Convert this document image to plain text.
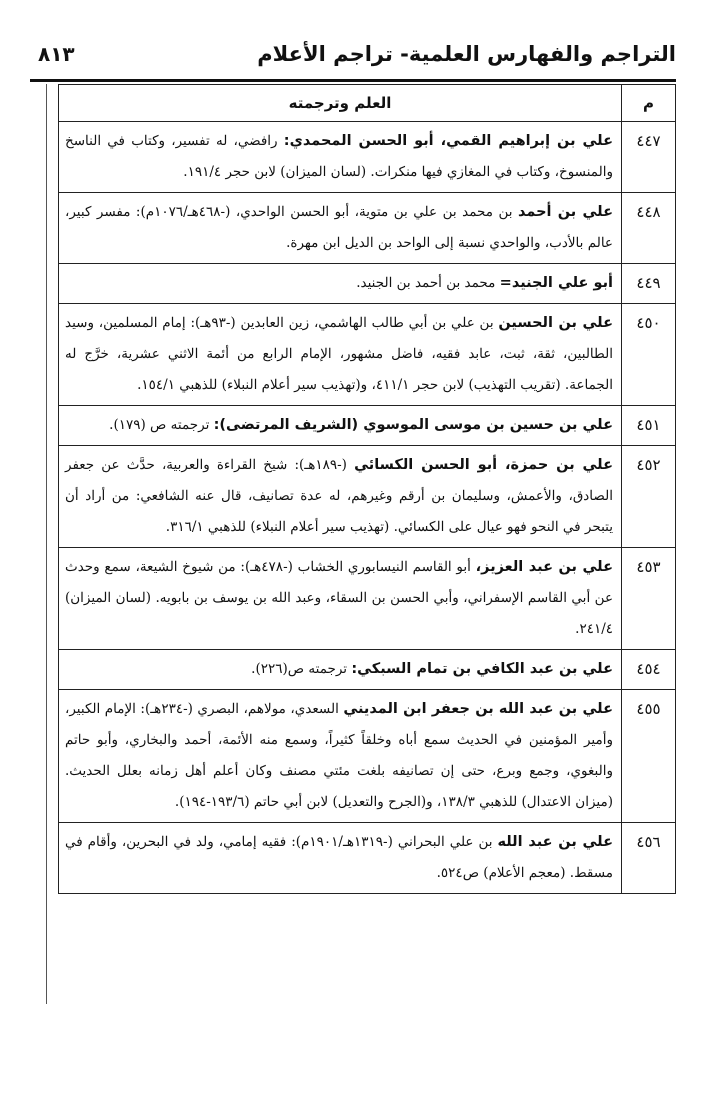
التراجم والفهارس العلمية- تراجم الأعلام
٨١٣
م	العلم وترجمته
٤٤٧	علي بن إبراهيم القمي، أبو الحسن المحمدي: رافضي، له تفسير، وكتاب في الناسخ والمنسوخ، وكتاب في المغازي فيها منكرات. (لسان الميزان) لابن حجر ١٩١/٤.
٤٤٨	علي بن أحمد بن محمد بن علي بن متوية، أبو الحسن الواحدي، (-٤٦٨هـ/١٠٧٦م): مفسر كبير، عالم بالأدب، والواحدي نسبة إلى الواحد بن الديل ابن مهرة.
٤٤٩	أبو علي الجنيد= محمد بن أحمد بن الجنيد.
٤٥٠	علي بن الحسين بن علي بن أبي طالب الهاشمي، زين العابدين (-٩٣هـ): إمام المسلمين، وسيد الطالبين، ثقة، ثبت، عابد فقيه، فاضل مشهور، الإمام الرابع من أئمة الاثني عشرية، خرَّج له الجماعة. (تقريب التهذيب) لابن حجر ٤١١/١، و(تهذيب سير أعلام النبلاء) للذهبي ١٥٤/١.
٤٥١	علي بن حسين بن موسى الموسوي (الشريف المرتضى): ترجمته ص (١٧٩).
٤٥٢	علي بن حمزة، أبو الحسن الكسائي (-١٨٩هـ): شيخ القراءة والعربية، حدَّث عن جعفر الصادق، والأعمش، وسليمان بن أرقم وغيرهم، له عدة تصانيف، قال عنه الشافعي: من أراد أن يتبحر في النحو فهو عيال على الكسائي. (تهذيب سير أعلام النبلاء) للذهبي ٣١٦/١.
٤٥٣	علي بن عبد العزيز، أبو القاسم النيسابوري الخشاب (-٤٧٨هـ): من شيوخ الشيعة، سمع وحدث عن أبي القاسم الإسفراني، وأبي الحسن بن السقاء، وعبد الله بن يوسف بن بابويه. (لسان الميزان) ٢٤١/٤.
٤٥٤	علي بن عبد الكافي بن تمام السبكي: ترجمته ص(٢٢٦).
٤٥٥	علي بن عبد الله بن جعفر ابن المديني السعدي، مولاهم، البصري (-٢٣٤هـ): الإمام الكبير، وأمير المؤمنين في الحديث سمع أباه وخلقاً كثيراً، وسمع منه الأئمة، أحمد والبخاري، وأبو حاتم والبغوي، وجمع وبرع، حتى إن تصانيفه بلغت مئتي مصنف وكان أعلم أهل زمانه بعلل الحديث. (ميزان الاعتدال) للذهبي ١٣٨/٣، و(الجرح والتعديل) لابن أبي حاتم (١٩٣/٦-١٩٤).
٤٥٦	علي بن عبد الله بن علي البحراني (-١٣١٩هـ/١٩٠١م): فقيه إمامي، ولد في البحرين، وأقام في مسقط. (معجم الأعلام) ص٥٢٤.
